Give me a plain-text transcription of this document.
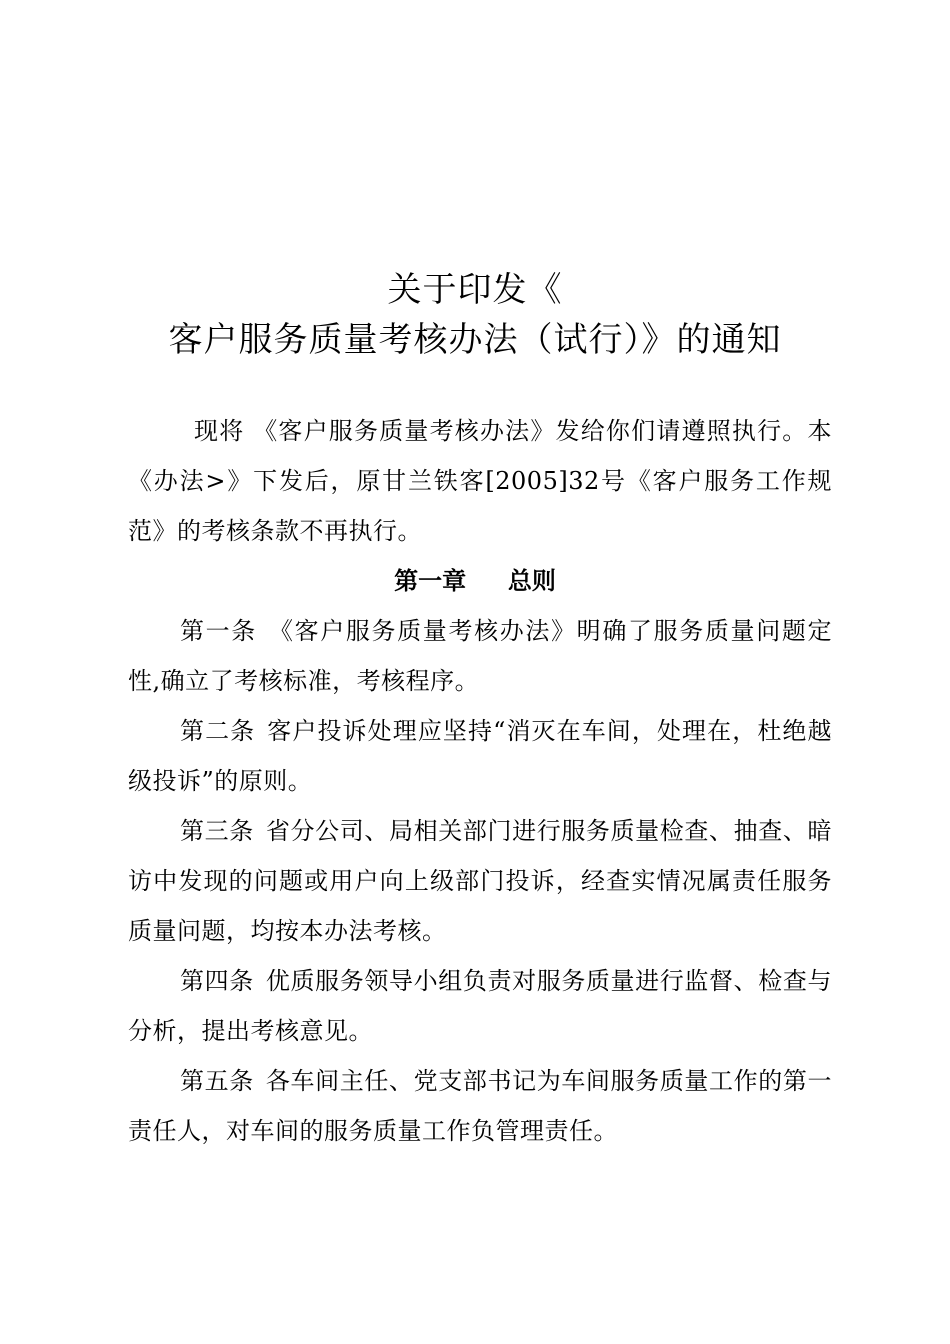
关于印发《
客户服务质量考核办法（试行）》的通知
现将 《客户服务质量考核办法》发给你们请遵照执行。本《办法>》下发后，原甘兰铁客[2005]32号《客户服务工作规范》的考核条款不再执行。
第一章     总则

第一条 《客户服务质量考核办法》明确了服务质量问题定性,确立了考核标准，考核程序。

第二条 客户投诉处理应坚持“消灭在车间，处理在，杜绝越级投诉”的原则。

第三条 省分公司、局相关部门进行服务质量检查、抽查、暗访中发现的问题或用户向上级部门投诉，经查实情况属责任服务质量问题，均按本办法考核。

第四条 优质服务领导小组负责对服务质量进行监督、检查与分析，提出考核意见。

第五条 各车间主任、党支部书记为车间服务质量工作的第一责任人，对车间的服务质量工作负管理责任。
